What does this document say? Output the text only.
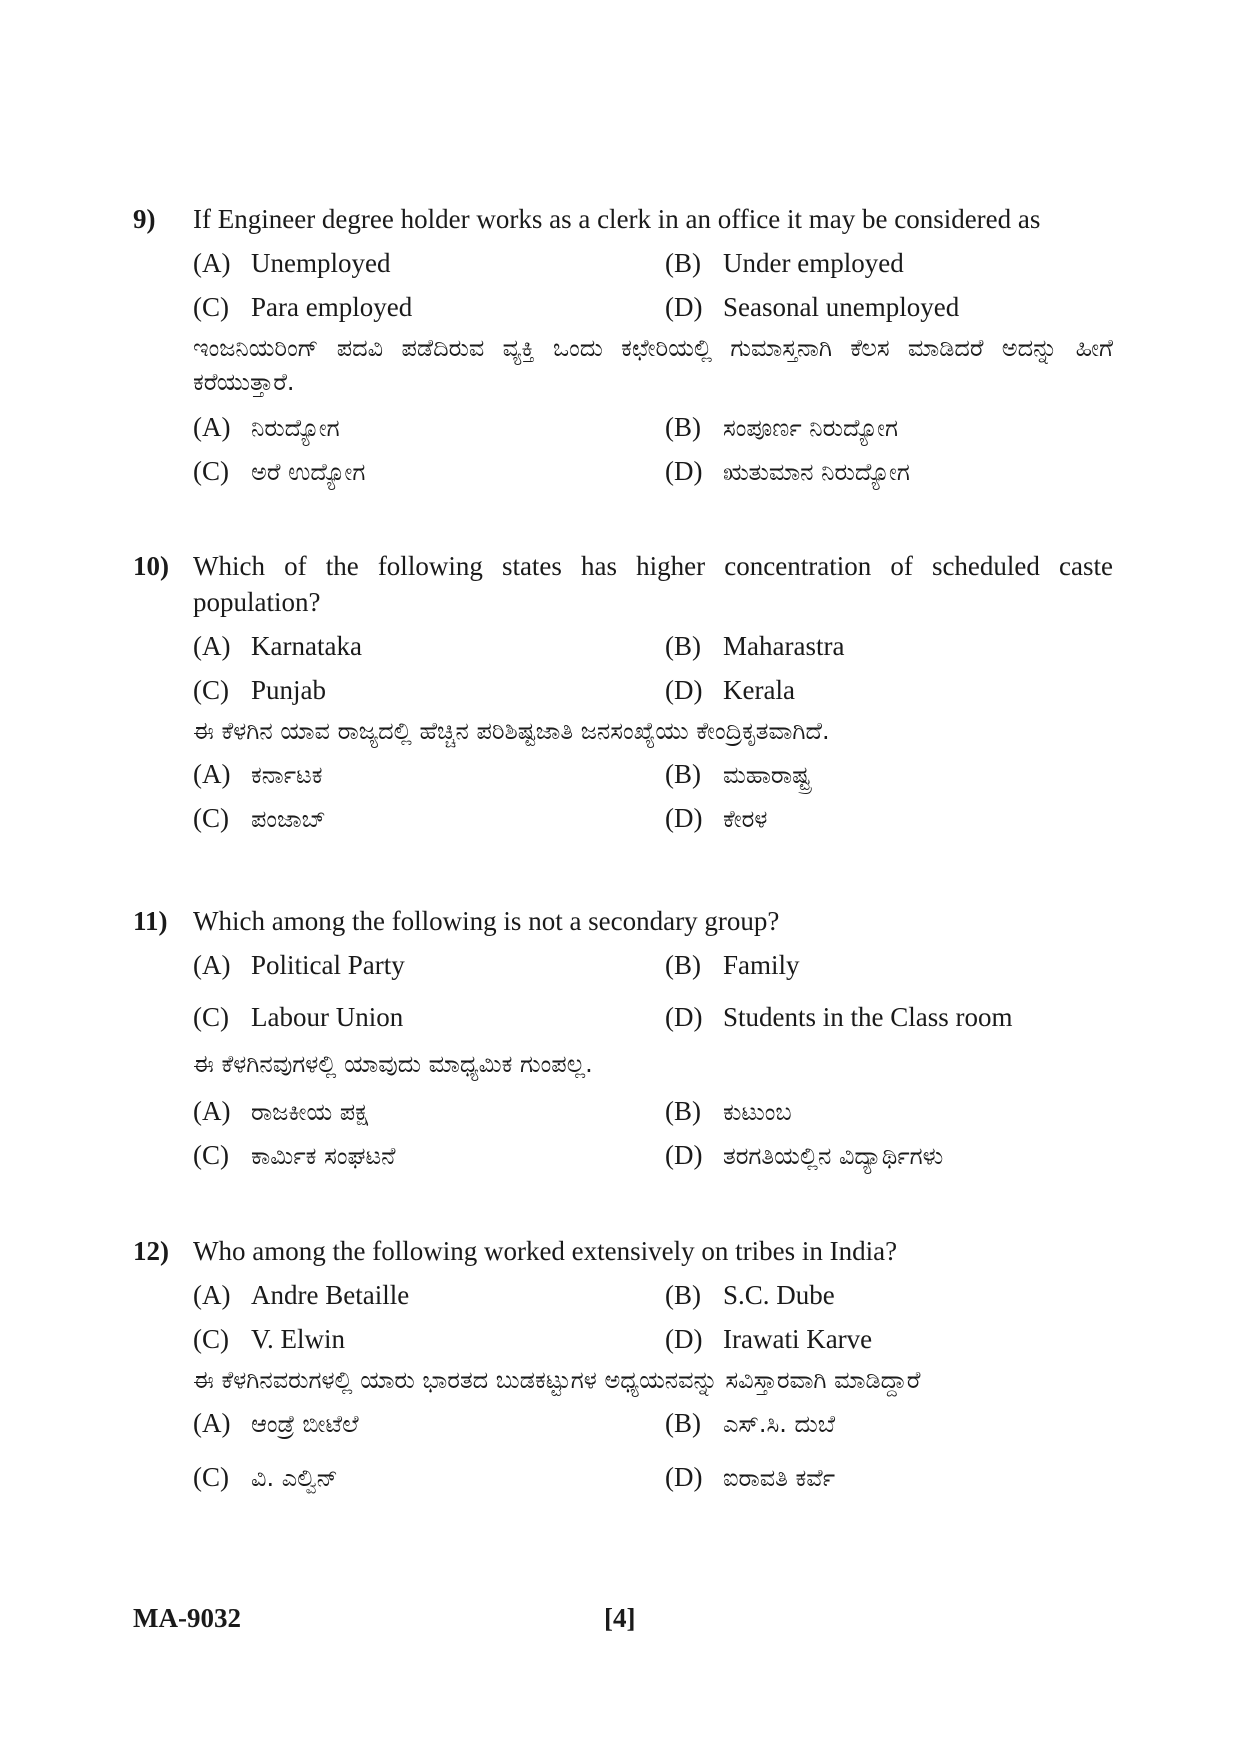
9) If Engineer degree holder works as a clerk in an office it may be considered as
(A) Unemployed	(B) Under employed
(C) Para employed	(D) Seasonal unemployed
ಇಂಜನಿಯರಿಂಗ್ ಪದವಿ ಪಡೆದಿರುವ ವ್ಯಕ್ತಿ ಒಂದು ಕಛೇರಿಯಲ್ಲಿ ಗುಮಾಸ್ತನಾಗಿ ಕೆಲಸ ಮಾಡಿದರೆ ಅದನ್ನು ಹೀಗೆ ಕರೆಯುತ್ತಾರೆ.
(A) ನಿರುದ್ಯೋಗ	(B) ಸಂಪೂರ್ಣ ನಿರುದ್ಯೋಗ
(C) ಅರೆ ಉದ್ಯೋಗ	(D) ಋತುಮಾನ ನಿರುದ್ಯೋಗ
10) Which of the following states has higher concentration of scheduled caste population?
(A) Karnataka	(B) Maharastra
(C) Punjab	(D) Kerala
ಈ ಕೆಳಗಿನ ಯಾವ ರಾಜ್ಯದಲ್ಲಿ ಹೆಚ್ಚಿನ ಪರಿಶಿಷ್ಟಜಾತಿ ಜನಸಂಖ್ಯೆಯು ಕೇಂದ್ರಿಕೃತವಾಗಿದೆ.
(A) ಕರ್ನಾಟಕ	(B) ಮಹಾರಾಷ್ಟ್ರ
(C) ಪಂಜಾಬ್	(D) ಕೇರಳ
11) Which among the following is not a secondary group?
(A) Political Party	(B) Family
(C) Labour Union	(D) Students in the Class room
ಈ ಕೆಳಗಿನವುಗಳಲ್ಲಿ ಯಾವುದು ಮಾಧ್ಯಮಿಕ ಗುಂಪಲ್ಲ.
(A) ರಾಜಕೀಯ ಪಕ್ಷ	(B) ಕುಟುಂಬ
(C) ಕಾರ್ಮಿಕ ಸಂಘಟನೆ	(D) ತರಗತಿಯಲ್ಲಿನ ವಿದ್ಯಾರ್ಥಿಗಳು
12) Who among the following worked extensively on tribes in India?
(A) Andre Betaille	(B) S.C. Dube
(C) V. Elwin	(D) Irawati Karve
ಈ ಕೆಳಗಿನವರುಗಳಲ್ಲಿ ಯಾರು ಭಾರತದ ಬುಡಕಟ್ಟುಗಳ ಅಧ್ಯಯನವನ್ನು ಸವಿಸ್ತಾರವಾಗಿ ಮಾಡಿದ್ದಾರೆ
(A) ಆಂಡ್ರೆ ಬೀಟೆಲೆ	(B) ಎಸ್.ಸಿ. ದುಬೆ
(C) ವಿ. ಎಲ್ವಿನ್	(D) ಐರಾವತಿ ಕರ್ವೆ
MA-9032	[4]
